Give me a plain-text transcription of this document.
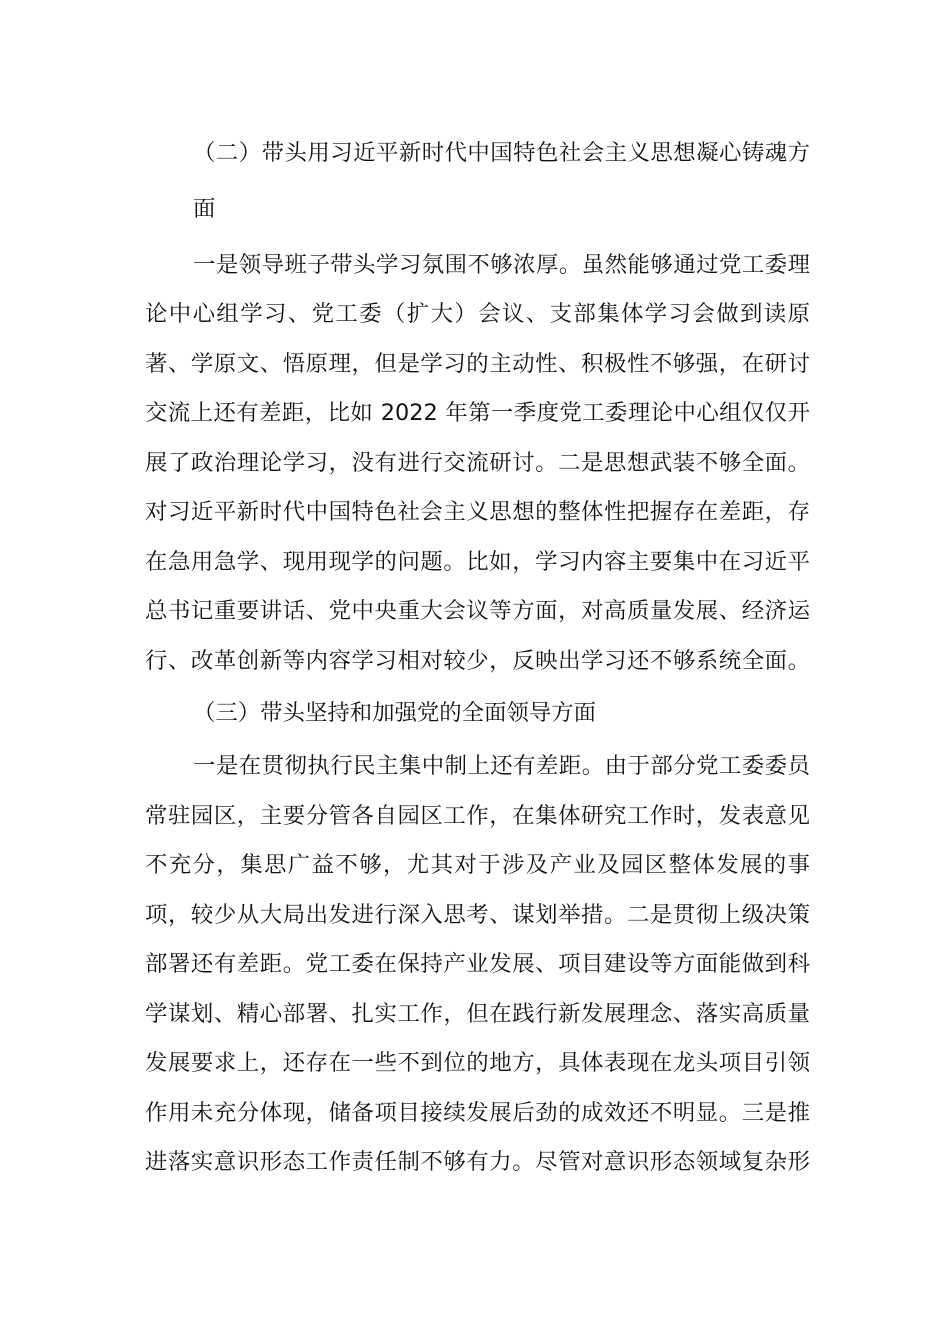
（二）带头用习近平新时代中国特色社会主义思想凝心铸魂方
面
一是领导班子带头学习氛围不够浓厚。虽然能够通过党工委理
论中心组学习、党工委（扩大）会议、支部集体学习会做到读原
著、学原文、悟原理，但是学习的主动性、积极性不够强，在研讨
交流上还有差距，比如 2022 年第一季度党工委理论中心组仅仅开
展了政治理论学习，没有进行交流研讨。二是思想武装不够全面。
对习近平新时代中国特色社会主义思想的整体性把握存在差距，存
在急用急学、现用现学的问题。比如，学习内容主要集中在习近平
总书记重要讲话、党中央重大会议等方面，对高质量发展、经济运
行、改革创新等内容学习相对较少，反映出学习还不够系统全面。
（三）带头坚持和加强党的全面领导方面
一是在贯彻执行民主集中制上还有差距。由于部分党工委委员
常驻园区，主要分管各自园区工作，在集体研究工作时，发表意见
不充分，集思广益不够，尤其对于涉及产业及园区整体发展的事
项，较少从大局出发进行深入思考、谋划举措。二是贯彻上级决策
部署还有差距。党工委在保持产业发展、项目建设等方面能做到科
学谋划、精心部署、扎实工作，但在践行新发展理念、落实高质量
发展要求上，还存在一些不到位的地方，具体表现在龙头项目引领
作用未充分体现，储备项目接续发展后劲的成效还不明显。三是推
进落实意识形态工作责任制不够有力。尽管对意识形态领域复杂形
